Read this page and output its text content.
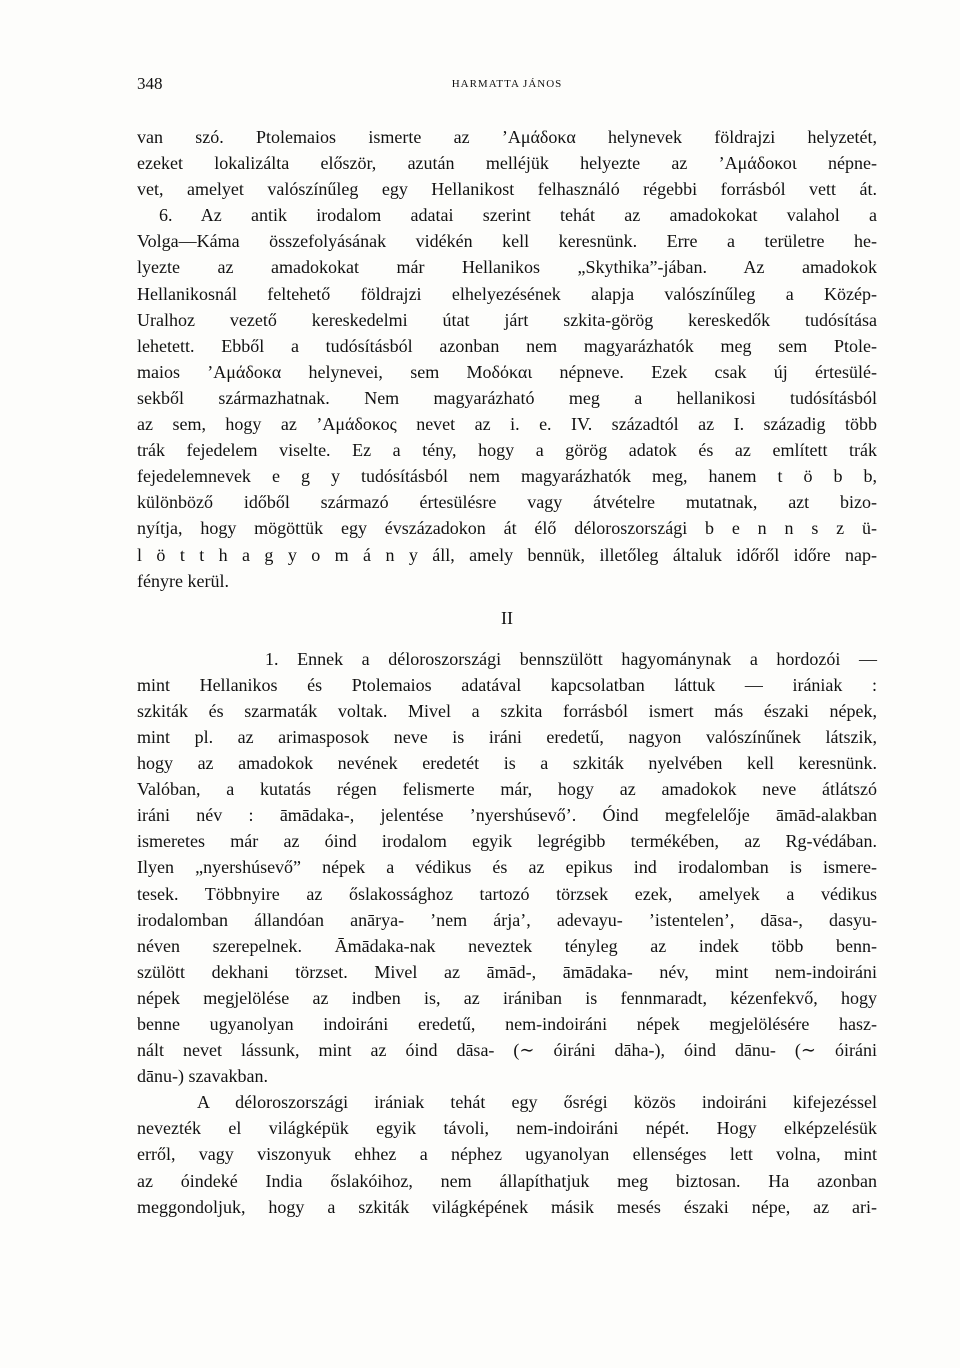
348	HARMATTA JÁNOS
van szó. Ptolemaios ismerte az ’Αμάδοκα helynevek földrajzi helyzetét,
ezeket lokalizálta először, azután melléjük helyezte az ’Αμάδοκοι népne-
vet, amelyet valószínűleg egy Hellanikost felhasználó régebbi forrásból vett át.
6. Az antik irodalom adatai szerint tehát az amadokokat valahol a
Volga—Káma összefolyásának vidékén kell keresnünk. Erre a területre he-
lyezte az amadokokat már Hellanikos „Skythika”-jában. Az amadokok
Hellanikosnál feltehető földrajzi elhelyezésének alapja valószínűleg a Közép-
Uralhoz vezető kereskedelmi útat járt szkita-görög kereskedők tudósítása
lehetett. Ebből a tudósításból azonban nem magyarázhatók meg sem Ptole-
maios ’Αμάδοκα helynevei, sem Μοδόκαι népneve. Ezek csak új értesülé-
sekből származhatnak. Nem magyarázható meg a hellanikosi tudósításból
az sem, hogy az ’Αμάδοκος nevet az i. e. IV. századtól az I. századig több
trák fejedelem viselte. Ez a tény, hogy a görög adatok és az említett trák
fejedelemnevek e g y tudósításból nem magyarázhatók meg, hanem t ö b b,
különböző időből származó értesülésre vagy átvételre mutatnak, azt bizo-
nyítja, hogy mögöttük egy évszázadokon át élő déloroszországi b e n n s z ü-
l ö t t h a g y o m á n y áll, amely bennük, illetőleg általuk időről időre nap-
fényre kerül.
II
1. Ennek a déloroszországi bennszülött hagyománynak a hordozói —
mint Hellanikos és Ptolemaios adatával kapcsolatban láttuk — irániak :
szkiták és szarmaták voltak. Mivel a szkita forrásból ismert más északi népek,
mint pl. az arimasposok neve is iráni eredetű, nagyon valószínűnek látszik,
hogy az amadokok nevének eredetét is a szkiták nyelvében kell keresnünk.
Valóban, a kutatás régen felismerte már, hogy az amadokok neve átlátszó
iráni név : āmādaka-, jelentése ’nyershúsevő’. Óind megfelelője āmād-alakban
ismeretes már az óind irodalom egyik legrégibb termékében, az Rg-védában.
Ilyen „nyershúsevő” népek a védikus és az epikus ind irodalomban is ismere-
tesek. Többnyire az őslakossághoz tartozó törzsek ezek, amelyek a védikus
irodalomban állandóan anārya- ’nem árja’, adevayu- ’istentelen’, dāsa-, dasyu-
néven szerepelnek. Āmādaka-nak neveztek tényleg az indek több benn-
szülött dekhani törzset. Mivel az āmād-, āmādaka- név, mint nem-indoiráni
népek megjelölése az indben is, az irániban is fennmaradt, kézenfekvő, hogy
benne ugyanolyan indoiráni eredetű, nem-indoiráni népek megjelölésére hasz-
nált nevet lássunk, mint az óind dāsa- (∼ óiráni dāha-), óind dānu- (∼ óiráni
dānu-) szavakban.
A déloroszországi irániak tehát egy ősrégi közös indoiráni kifejezéssel
nevezték el világképük egyik távoli, nem-indoiráni népét. Hogy elképzelésük
erről, vagy viszonyuk ehhez a néphez ugyanolyan ellenséges lett volna, mint
az óindeké India őslakóihoz, nem állapíthatjuk meg biztosan. Ha azonban
meggondoljuk, hogy a szkiták világképének másik mesés északi népe, az ari-
